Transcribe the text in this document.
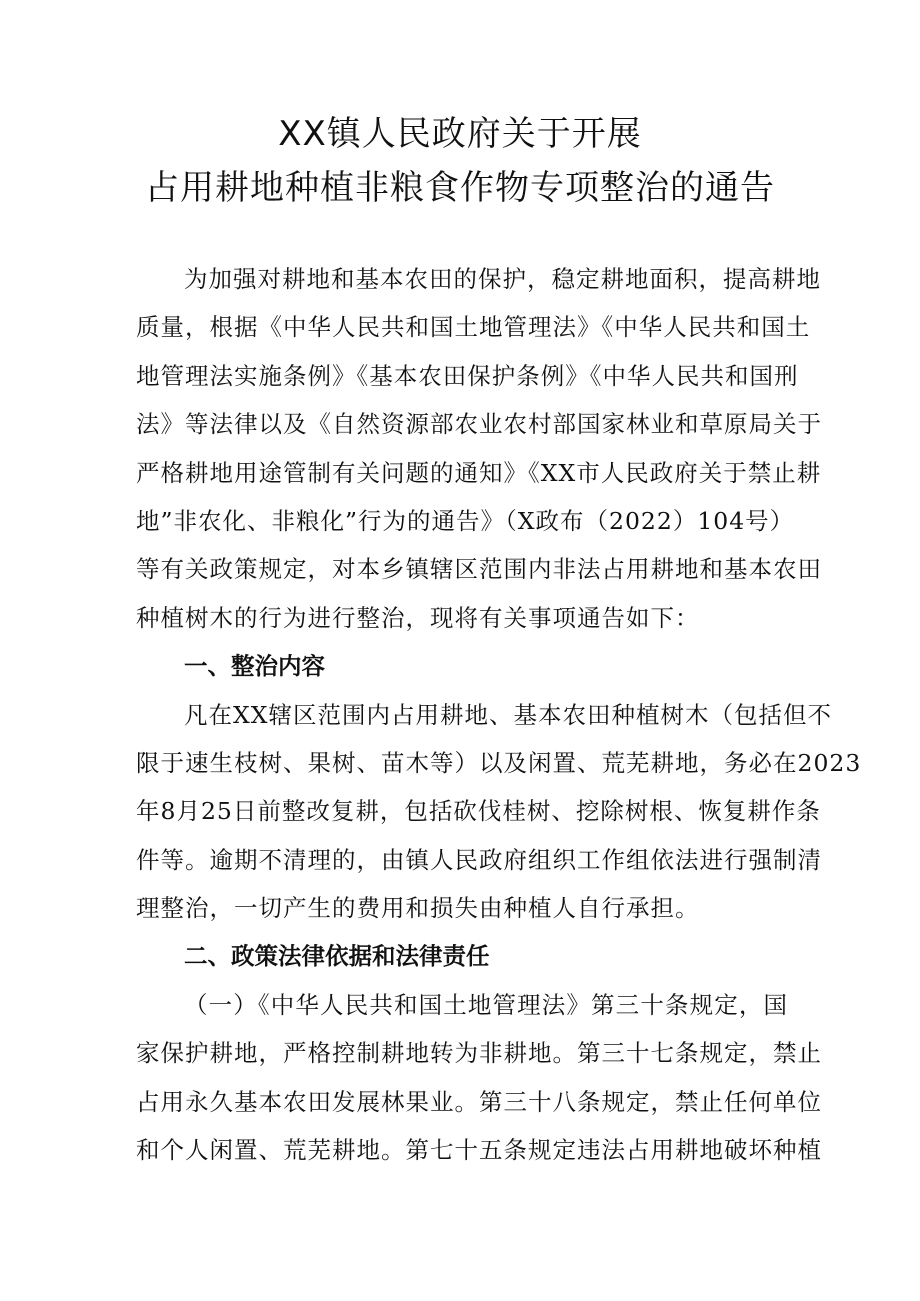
XX镇人民政府关于开展
占用耕地种植非粮食作物专项整治的通告
为加强对耕地和基本农田的保护，稳定耕地面积，提高耕地
质量，根据《中华人民共和国土地管理法》《中华人民共和国土
地管理法实施条例》《基本农田保护条例》《中华人民共和国刑
法》等法律以及《自然资源部农业农村部国家林业和草原局关于
严格耕地用途管制有关问题的通知》《XX市人民政府关于禁止耕
地”非农化、非粮化”行为的通告》（X政布（2022）104号）
等有关政策规定，对本乡镇辖区范围内非法占用耕地和基本农田
种植树木的行为进行整治，现将有关事项通告如下：
一、整治内容
凡在XX辖区范围内占用耕地、基本农田种植树木（包括但不
限于速生枝树、果树、苗木等）以及闲置、荒芜耕地，务必在2023
年8月25日前整改复耕，包括砍伐桂树、挖除树根、恢复耕作条
件等。逾期不清理的，由镇人民政府组织工作组依法进行强制清
理整治，一切产生的费用和损失由种植人自行承担。
二、政策法律依据和法律责任
（一）《中华人民共和国土地管理法》第三十条规定，国
家保护耕地，严格控制耕地转为非耕地。第三十七条规定，禁止
占用永久基本农田发展林果业。第三十八条规定，禁止任何单位
和个人闲置、荒芜耕地。第七十五条规定违法占用耕地破坏种植
